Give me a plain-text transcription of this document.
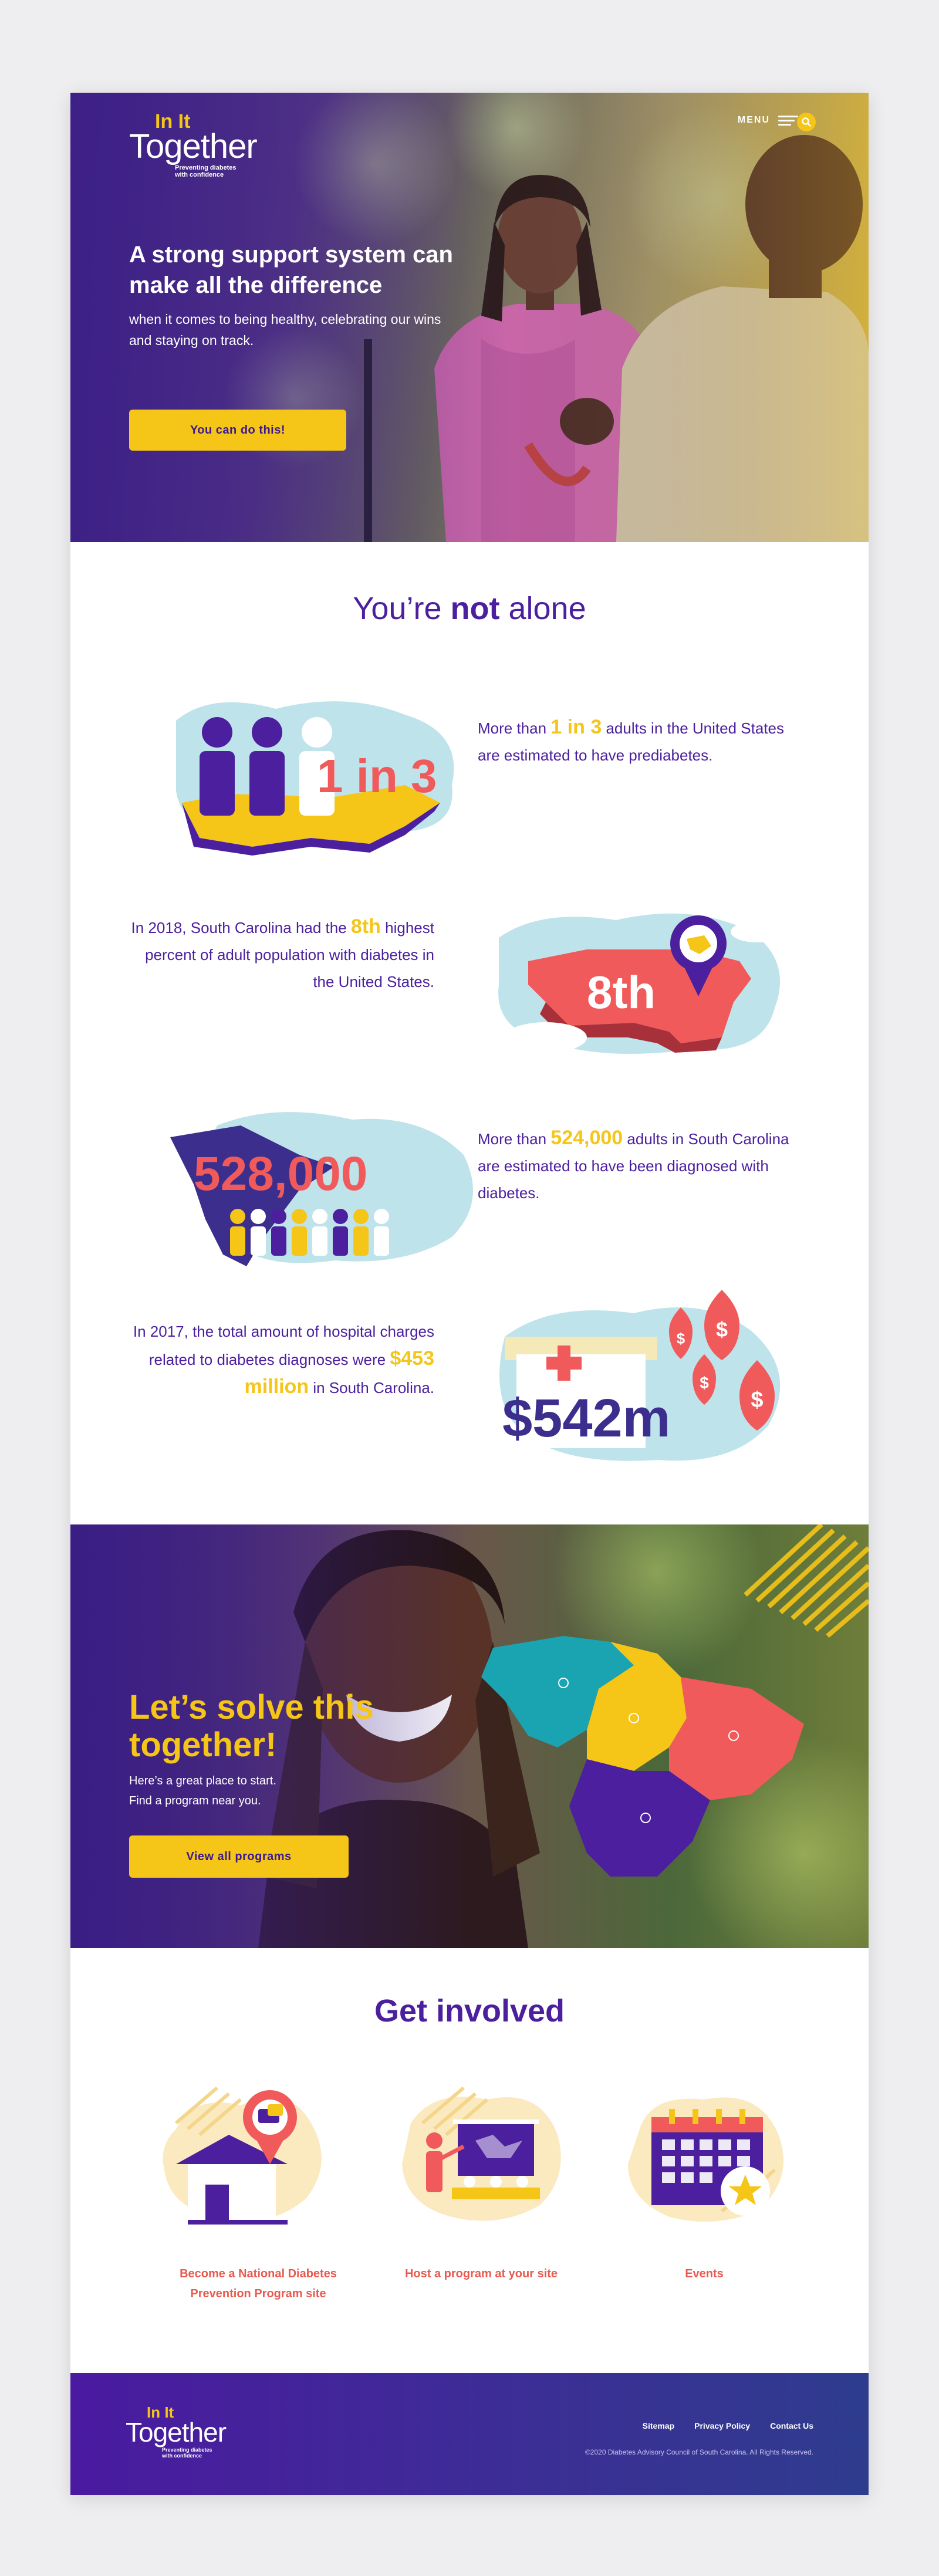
In It
Together
Preventing diabetes
with confidence
MENU
A strong support system can make all the difference

when it comes to being healthy, celebrating our wins and staying on track.

You can do this!
You’re not alone
1 in 3
More than 1 in 3 adults in the United States are estimated to have prediabetes.
In 2018, South Carolina had the 8th highest percent of adult population with diabetes in the United States.	8th
528,000
More than 524,000 adults in South Carolina are estimated to have been diagnosed with diabetes.
In 2017, the total amount of hospital charges related to diabetes diagnoses were $453 million in South Carolina.
$ $
$
$
$542m
Let’s solve this together!

Here’s a great place to start.
Find a program near you.

View all programs
Get involved
Become a National Diabetes Prevention Program site
Host a program at your site	Events
In It
Together
Preventing diabetes
with confidence
Sitemap Privacy Policy Contact Us
©2020 Diabetes Advisory Council of South Carolina. All Rights Reserved.
